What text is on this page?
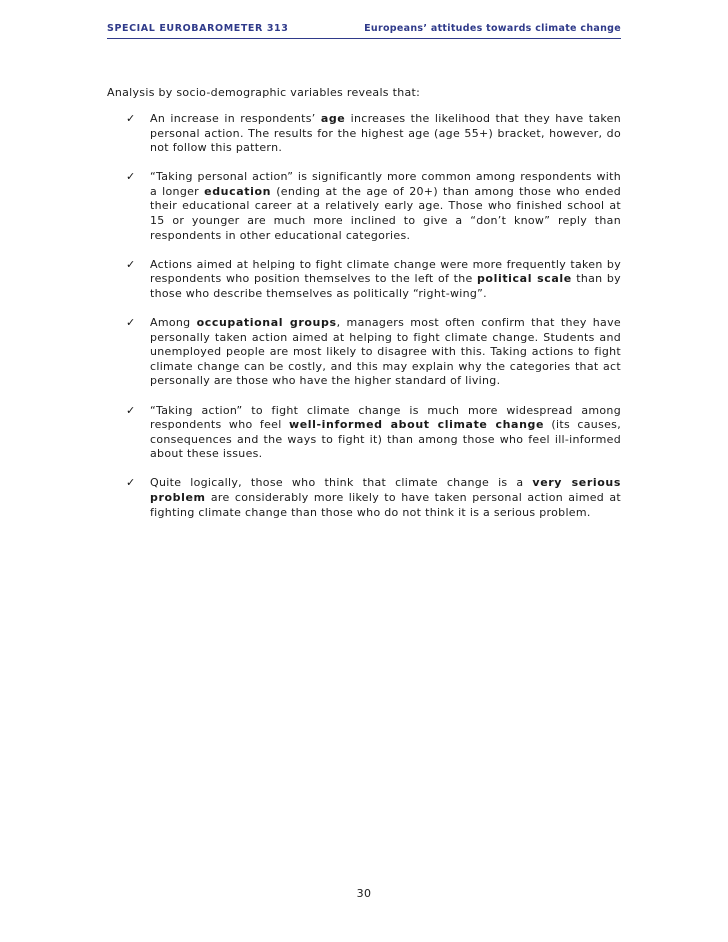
SPECIAL EUROBAROMETER 313	Europeans’ attitudes towards climate change
Analysis by socio-demographic variables reveals that:
✓ An increase in respondents’ age increases the likelihood that they have taken personal action. The results for the highest age (age 55+) bracket, however, do not follow this pattern.
✓ “Taking personal action” is significantly more common among respondents with a longer education (ending at the age of 20+) than among those who ended their educational career at a relatively early age. Those who finished school at 15 or younger are much more inclined to give a “don’t know” reply than respondents in other educational categories.
✓ Actions aimed at helping to fight climate change were more frequently taken by respondents who position themselves to the left of the political scale than by those who describe themselves as politically “right-wing”.
✓ Among occupational groups, managers most often confirm that they have personally taken action aimed at helping to fight climate change. Students and unemployed people are most likely to disagree with this. Taking actions to fight climate change can be costly, and this may explain why the categories that act personally are those who have the higher standard of living.
✓ “Taking action” to fight climate change is much more widespread among respondents who feel well-informed about climate change (its causes, consequences and the ways to fight it) than among those who feel ill-informed about these issues.
✓ Quite logically, those who think that climate change is a very serious problem are considerably more likely to have taken personal action aimed at fighting climate change than those who do not think it is a serious problem.
30
